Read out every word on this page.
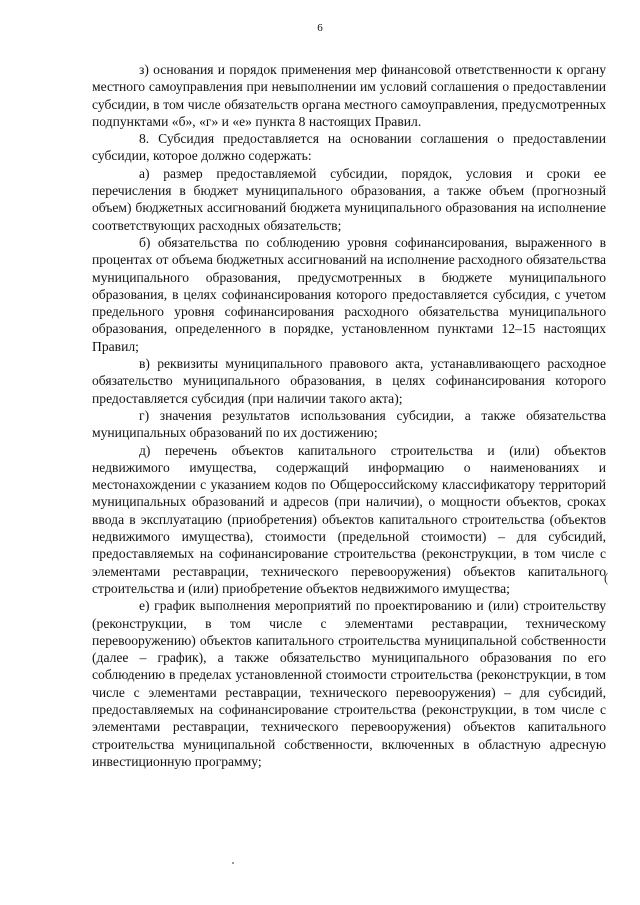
6

з) основания и порядок применения мер финансовой ответственности к органу местного самоуправления при невыполнении им условий соглашения о предоставлении субсидии, в том числе обязательств органа местного самоуправления, предусмотренных подпунктами «б», «г» и «е» пункта 8 настоящих Правил.

8. Субсидия предоставляется на основании соглашения о предоставлении субсидии, которое должно содержать:

а) размер предоставляемой субсидии, порядок, условия и сроки ее перечисления в бюджет муниципального образования, а также объем (прогнозный объем) бюджетных ассигнований бюджета муниципального образования на исполнение соответствующих расходных обязательств;

б) обязательства по соблюдению уровня софинансирования, выраженного в процентах от объема бюджетных ассигнований на исполнение расходного обязательства муниципального образования, предусмотренных в бюджете муниципального образования, в целях софинансирования которого предоставляется субсидия, с учетом предельного уровня софинансирования расходного обязательства муниципального образования, определенного в порядке, установленном пунктами 12–15 настоящих Правил;

в) реквизиты муниципального правового акта, устанавливающего расходное обязательство муниципального образования, в целях софинансирования которого предоставляется субсидия (при наличии такого акта);

г) значения результатов использования субсидии, а также обязательства муниципальных образований по их достижению;

д) перечень объектов капитального строительства и (или) объектов недвижимого имущества, содержащий информацию о наименованиях и местонахождении с указанием кодов по Общероссийскому классификатору территорий муниципальных образований и адресов (при наличии), о мощности объектов, сроках ввода в эксплуатацию (приобретения) объектов капитального строительства (объектов недвижимого имущества), стоимости (предельной стоимости) – для субсидий, предоставляемых на софинансирование строительства (реконструкции, в том числе с элементами реставрации, технического перевооружения) объектов капитального строительства и (или) приобретение объектов недвижимого имущества;

е) график выполнения мероприятий по проектированию и (или) строительству (реконструкции, в том числе с элементами реставрации, техническому перевооружению) объектов капитального строительства муниципальной собственности (далее – график), а также обязательство муниципального образования по его соблюдению в пределах установленной стоимости строительства (реконструкции, в том числе с элементами реставрации, технического перевооружения) – для субсидий, предоставляемых на софинансирование строительства (реконструкции, в том числе с элементами реставрации, технического перевооружения) объектов капитального строительства муниципальной собственности, включенных в областную адресную инвестиционную программу;

(
